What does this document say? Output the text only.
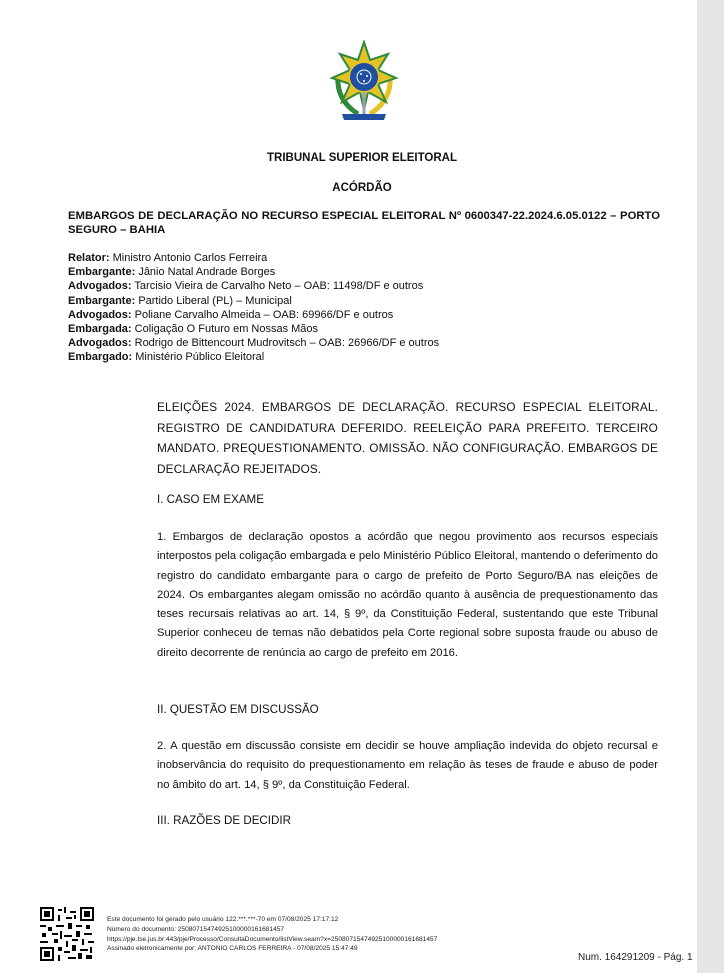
TRIBUNAL SUPERIOR ELEITORAL
ACÓRDÃO
EMBARGOS DE DECLARAÇÃO NO RECURSO ESPECIAL ELEITORAL Nº 0600347-22.2024.6.05.0122 – PORTO SEGURO – BAHIA
Relator: Ministro Antonio Carlos Ferreira
Embargante: Jânio Natal Andrade Borges
Advogados: Tarcisio Vieira de Carvalho Neto – OAB: 11498/DF e outros
Embargante: Partido Liberal (PL) – Municipal
Advogados: Poliane Carvalho Almeida – OAB: 69966/DF e outros
Embargada: Coligação O Futuro em Nossas Mãos
Advogados: Rodrigo de Bittencourt Mudrovitsch – OAB: 26966/DF e outros
Embargado: Ministério Público Eleitoral
ELEIÇÕES 2024. EMBARGOS DE DECLARAÇÃO. RECURSO ESPECIAL ELEITORAL. REGISTRO DE CANDIDATURA DEFERIDO. REELEIÇÃO PARA PREFEITO. TERCEIRO MANDATO. PREQUESTIONAMENTO. OMISSÃO. NÃO CONFIGURAÇÃO. EMBARGOS DE DECLARAÇÃO REJEITADOS.
I. CASO EM EXAME
1. Embargos de declaração opostos a acórdão que negou provimento aos recursos especiais interpostos pela coligação embargada e pelo Ministério Público Eleitoral, mantendo o deferimento do registro do candidato embargante para o cargo de prefeito de Porto Seguro/BA nas eleições de 2024. Os embargantes alegam omissão no acórdão quanto à ausência de prequestionamento das teses recursais relativas ao art. 14, § 9º, da Constituição Federal, sustentando que este Tribunal Superior conheceu de temas não debatidos pela Corte regional sobre suposta fraude ou abuso de direito decorrente de renúncia ao cargo de prefeito em 2016.
II. QUESTÃO EM DISCUSSÃO
2. A questão em discussão consiste em decidir se houve ampliação indevida do objeto recursal e inobservância do requisito do prequestionamento em relação às teses de fraude e abuso de poder no âmbito do art. 14, § 9º, da Constituição Federal.
III. RAZÕES DE DECIDIR
Este documento foi gerado pelo usuário 122.***.***-70 em 07/08/2025 17:17:12
Número do documento: 25080715474925100000161681457
https://pje.tse.jus.br:443/pje/Processo/ConsultaDocumento/listView.seam?x=25080715474925100000161681457
Assinado eletronicamente por: ANTONIO CARLOS FERREIRA - 07/08/2025 15:47:49
Num. 164291209 - Pág. 1
